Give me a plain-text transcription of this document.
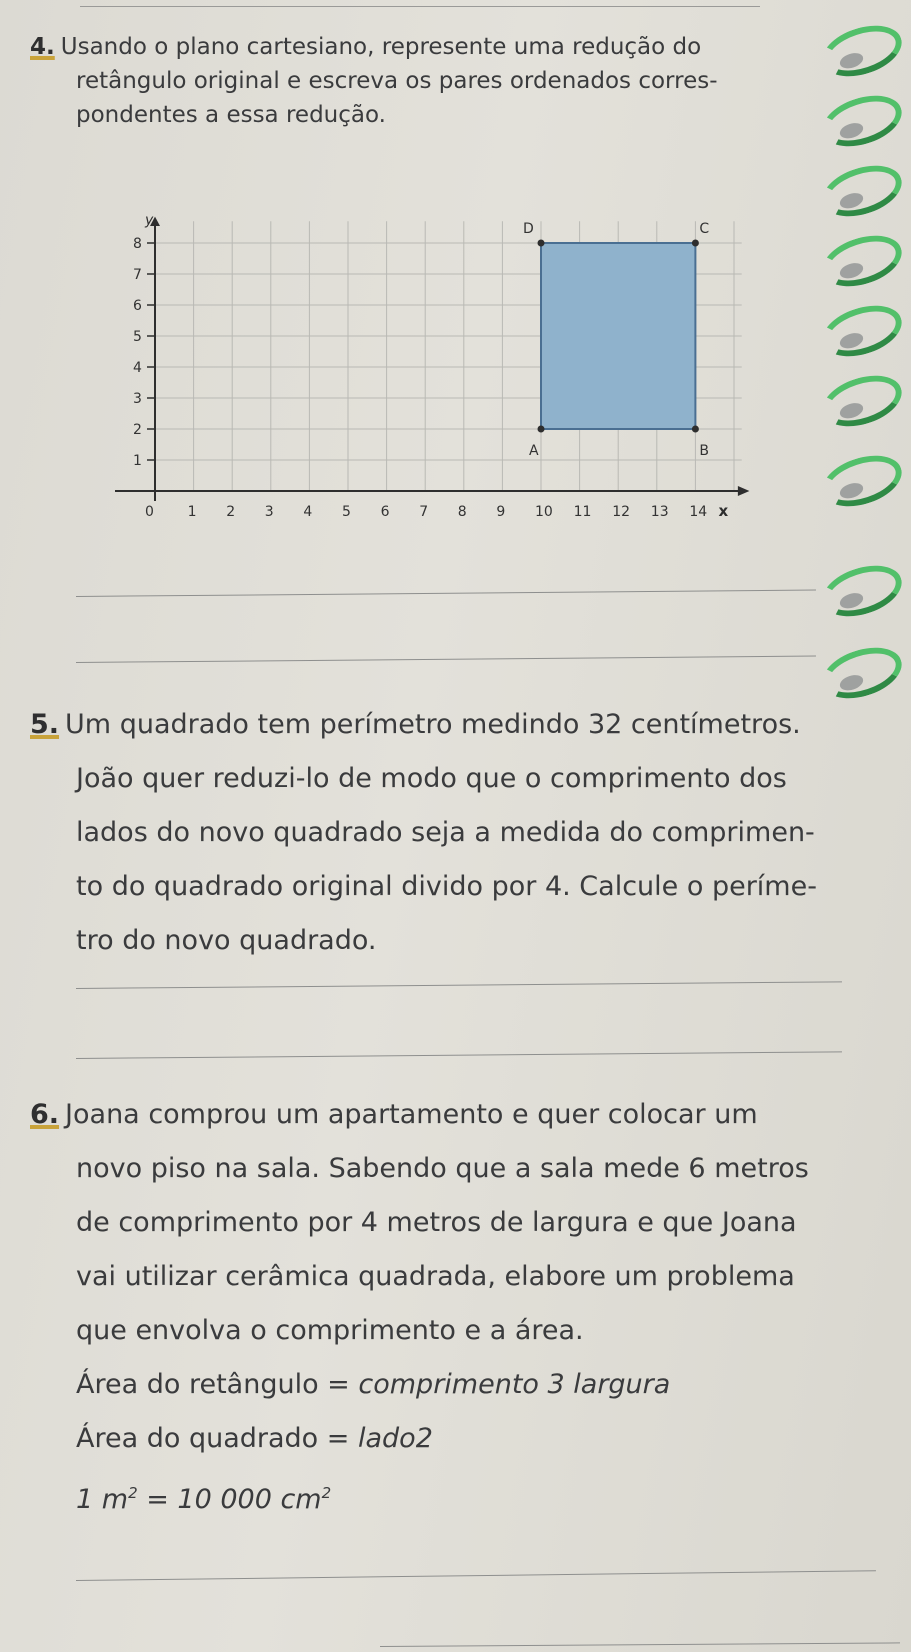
4. Usando o plano cartesiano, represente uma redução do
retângulo original e escreva os pares ordenados corres-
pondentes a essa redução.
y
x
0 1 2 3 4 5 6 7 8 9 10 11 12 13 14
1
2
3
4
5
6
7
8
A	B
C
D
5. Um quadrado tem perímetro medindo 32 centímetros.
João quer reduzi-lo de modo que o comprimento dos
lados do novo quadrado seja a medida do comprimen-
to do quadrado original divido por 4. Calcule o períme-
tro do novo quadrado.
6. Joana comprou um apartamento e quer colocar um
novo piso na sala. Sabendo que a sala mede 6 metros
de comprimento por 4 metros de largura e que Joana
vai utilizar cerâmica quadrada, elabore um problema
que envolva o comprimento e a área.
Área do retângulo = comprimento 3 largura
Área do quadrado = lado2
1 $m^2 = 10$ 000 $cm^2$
